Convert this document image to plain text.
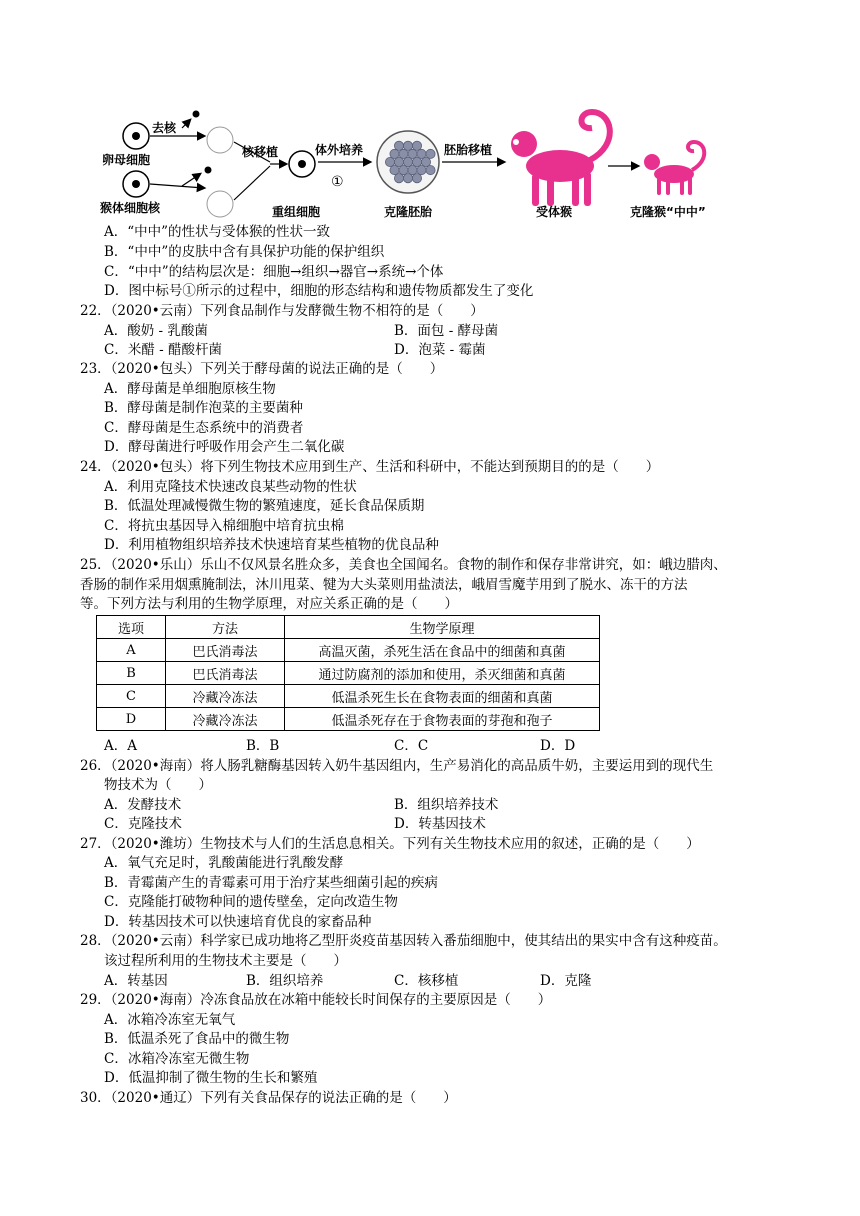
卵母细胞
去核
猴体细胞核
核移植
重组细胞
体外培养
①
克隆胚胎
胚胎移植
受体猴	克隆猴“中中”
A．“中中”的性状与受体猴的性状一致
B．“中中”的皮肤中含有具保护功能的保护组织
C．“中中”的结构层次是：细胞→组织→器官→系统→个体
D．图中标号①所示的过程中，细胞的形态结构和遗传物质都发生了变化
22．（2020•云南）下列食品制作与发酵微生物不相符的是（　　）
A．酸奶 - 乳酸菌	B．面包 - 酵母菌
C．米醋 - 醋酸杆菌	D．泡菜 - 霉菌
23．（2020•包头）下列关于酵母菌的说法正确的是（　　）
A．酵母菌是单细胞原核生物
B．酵母菌是制作泡菜的主要菌种
C．酵母菌是生态系统中的消费者
D．酵母菌进行呼吸作用会产生二氧化碳
24．（2020•包头）将下列生物技术应用到生产、生活和科研中，不能达到预期目的的是（　　）
A．利用克隆技术快速改良某些动物的性状
B．低温处理减慢微生物的繁殖速度，延长食品保质期
C．将抗虫基因导入棉细胞中培育抗虫棉
D．利用植物组织培养技术快速培育某些植物的优良品种
25．（2020•乐山）乐山不仅风景名胜众多，美食也全国闻名。食物的制作和保存非常讲究，如：峨边腊肉、
香肠的制作采用烟熏腌制法，沐川甩菜、犍为大头菜则用盐渍法，峨眉雪魔芋用到了脱水、冻干的方法
等。下列方法与利用的生物学原理，对应关系正确的是（　　）
选项	方法	生物学原理
A	巴氏消毒法	高温灭菌，杀死生活在食品中的细菌和真菌
B	巴氏消毒法	通过防腐剂的添加和使用，杀灭细菌和真菌
C	冷藏冷冻法	低温杀死生长在食物表面的细菌和真菌
D	冷藏冷冻法	低温杀死存在于食物表面的芽孢和孢子
A．A	B．B	C．C	D．D
26．（2020•海南）将人肠乳糖酶基因转入奶牛基因组内，生产易消化的高品质牛奶，主要运用到的现代生
物技术为（　　）
A．发酵技术	B．组织培养技术
C．克隆技术	D．转基因技术
27．（2020•潍坊）生物技术与人们的生活息息相关。下列有关生物技术应用的叙述，正确的是（　　）
A．氧气充足时，乳酸菌能进行乳酸发酵
B．青霉菌产生的青霉素可用于治疗某些细菌引起的疾病
C．克隆能打破物种间的遗传壁垒，定向改造生物
D．转基因技术可以快速培育优良的家畜品种
28．（2020•云南）科学家已成功地将乙型肝炎疫苗基因转入番茄细胞中，使其结出的果实中含有这种疫苗。
该过程所利用的生物技术主要是（　　）
A．转基因	B．组织培养	C．核移植	D．克隆
29．（2020•海南）冷冻食品放在冰箱中能较长时间保存的主要原因是（　　）
A．冰箱冷冻室无氧气
B．低温杀死了食品中的微生物
C．冰箱冷冻室无微生物
D．低温抑制了微生物的生长和繁殖
30．（2020•通辽）下列有关食品保存的说法正确的是（　　）
